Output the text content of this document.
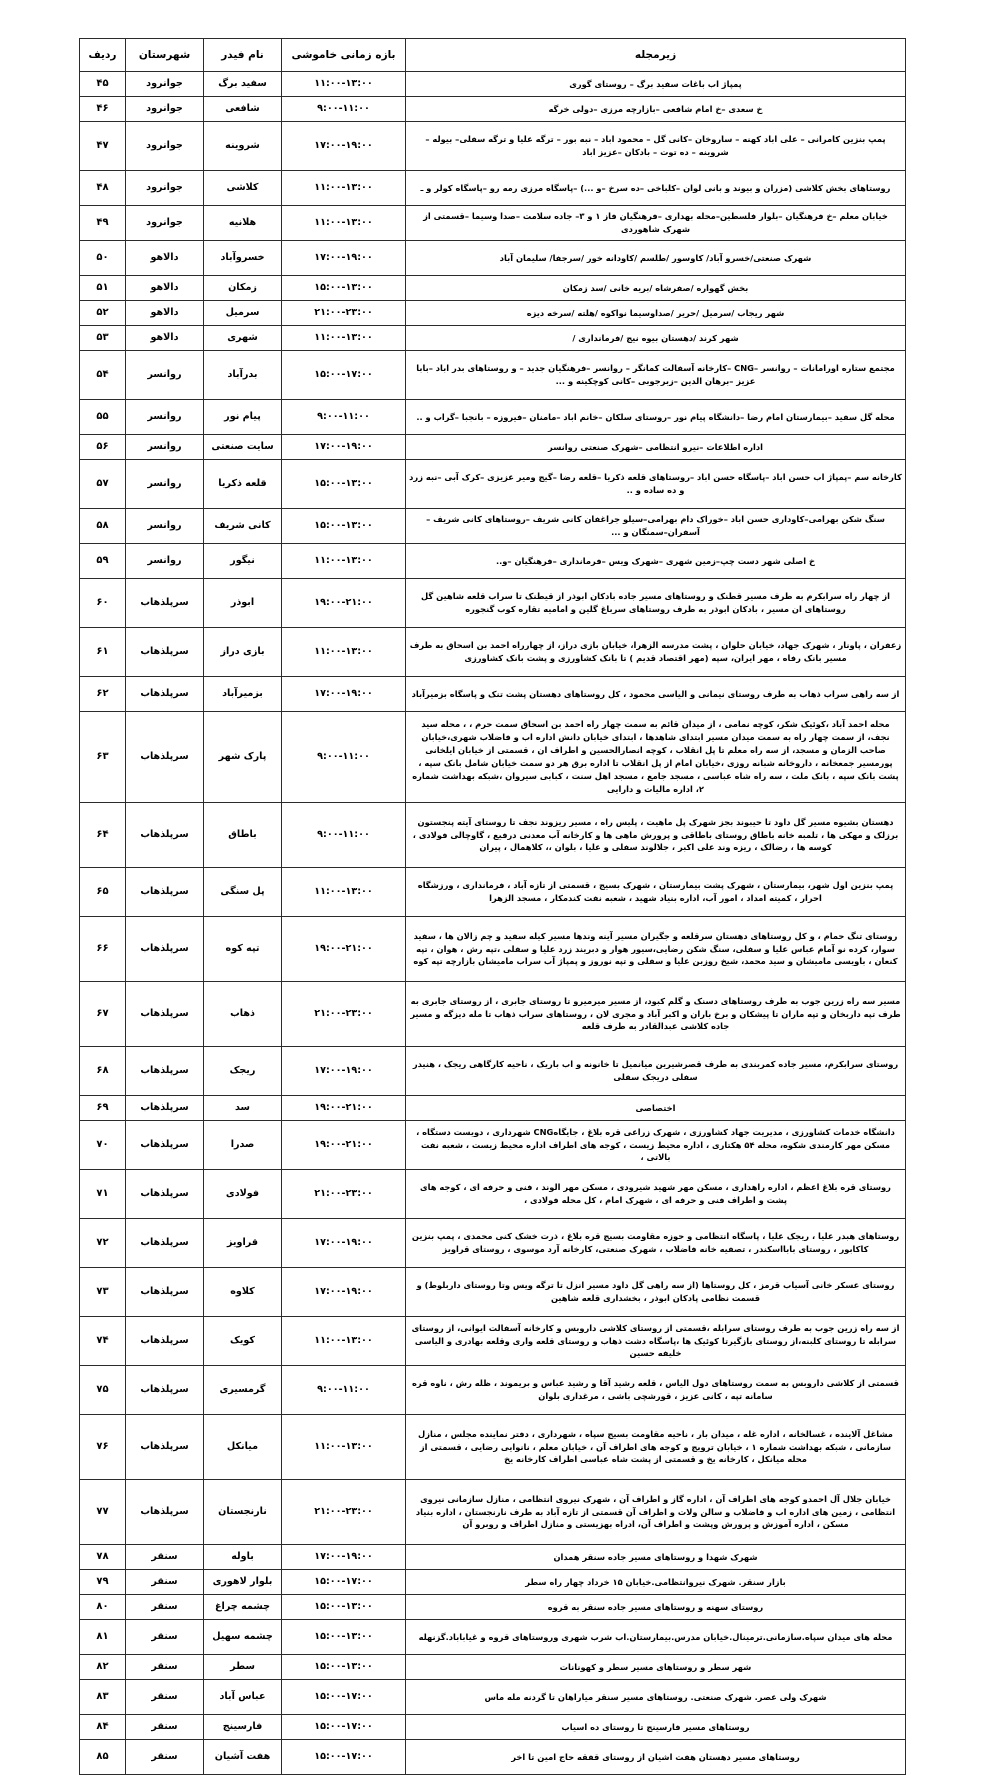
زیرمجله	بازه زمانی خاموشی	نام فیدر	شهرستان	ردیف
پمپاژ اب باغات سفید برگ – روستای گوری	۱۱:۰۰-۱۳:۰۰	سفید برگ	جوانرود	۴۵
خ سعدی –خ امام شافعی –بازارچه مرزی –دولی خرگه	۹:۰۰-۱۱:۰۰	شافعی	جوانرود	۴۶
پمپ بنزین کامرانی – علی اباد کهنه – ساروخان –کانی گل – محمود اباد – نبه بور – ترگه علیا و ترگه سفلی– بیوله – شروینه – ده توت – بادکان –عزیز اباد	۱۷:۰۰-۱۹:۰۰	شروینه	جوانرود	۴۷
روستاهای بخش کلاشی (مزران و بیوند و بانی لوان –کلباخی –ده سرخ –و ...) –پاسگاه مرزی رمه رو –پاسگاه کولر و ـ	۱۱:۰۰-۱۳:۰۰	کلاشی	جوانرود	۴۸
خیابان معلم –خ فرهنگیان –بلوار فلسطین–محله بهداری –فرهنگیان فاز ۱ و ۳– جاده سلامت –صدا وسیما –قسمتی از شهرک شاهوردی	۱۱:۰۰-۱۳:۰۰	هلانیه	جوانرود	۴۹
شهرک صنعتی/خسرو آباد/ کاوسور /طلسم /کاودانه خور /سرجفا/ سلیمان آباد	۱۷:۰۰-۱۹:۰۰	خسروآباد	دالاهو	۵۰
بخش گهواره /صفرشاه /بریه خانی /سد زمکان	۱۵:۰۰-۱۳:۰۰	زمکان	دالاهو	۵۱
شهر ریجاب /سرمیل /حریر /صداوسیما نواکوه /هلته /سرخه دیزه	۲۱:۰۰-۲۳:۰۰	سرمیل	دالاهو	۵۲
شهر کرند /دهستان بیوه نیج /فرمانداری /	۱۱:۰۰-۱۳:۰۰	شهری	دالاهو	۵۳
مجتمع ستاره اورامانات – روانسر –CNG –کارخانه آسفالت کمانگر – روانسر –فرهنگیان جدید – و روستاهای بدر اباد –بابا عزیز –برهان الدین –زبرجوبی –کانی کوچکینه و ...	۱۵:۰۰-۱۷:۰۰	بدرآباد	روانسر	۵۴
محله گل سفید –بیمارستان امام رضا –دانشگاه پیام نور –روستای سلکان –خانم اباد –مامنان –فیروزه – بانجبا –گراب و ..	۹:۰۰-۱۱:۰۰	پیام نور	روانسر	۵۵
اداره اطلاعات –نیرو انتظامی –شهرک صنعتی روانسر	۱۷:۰۰-۱۹:۰۰	سایت صنعتی	روانسر	۵۶
کارخانه سم –پمپاژ اب حسن اباد –پاسگاه حسن اباد –روستاهای قلعه ذکریا –قلعه رضا –گیج ومیر عزیزی –کرک آبی –نبه زرد و ده ساده و ..	۱۵:۰۰-۱۳:۰۰	قلعه ذکریا	روانسر	۵۷
سنگ شکن بهرامی–کاوداری حسن اباد –خوراک دام بهرامی–سیلو جراغفان کانی شریف –روستاهای کانی شریف – آسفران–سمنگان و ...	۱۵:۰۰-۱۳:۰۰	کانی شریف	روانسر	۵۸
خ اصلی شهر دست چپ–زمین شهری –شهرک ویس –فرمانداری –فرهنگیان –و..	۱۱:۰۰-۱۳:۰۰	نیگور	روانسر	۵۹
از چهار راه سرابکرم به طرف مسیر قطنک و روستاهای مسیر جاده بادکان ابوذر از قیطنک تا سراب قلعه شاهین گل روستاهای ان مسیر ، بادکان ابوذر به طرف روستاهای سرباغ گلین و امامیه تقاره کوب گنجوره	۱۹:۰۰-۲۱:۰۰	ابوذر	سرپلذهاب	۶۰
زعفران ، پاونار ، شهرک جهاد، خیابان حلوان ، پشت مدرسه الزهرا، خیابان بازی دراز، از چهارراه احمد بن اسحاق به طرف مسیر بانک رفاه ، مهر ایران، سپه (مهر اقتصاد قدیم ) تا بانک کشاورزی و پشت بانک کشاورزی	۱۱:۰۰-۱۳:۰۰	بازی دراز	سرپلذهاب	۶۱
از سه راهی سراب ذهاب به طرف روستای نیمانی و الیاسی محمود ، کل روستاهای دهستان پشت تنک و پاسگاه بزمیرآباد	۱۷:۰۰-۱۹:۰۰	بزمیرآباد	سرپلذهاب	۶۲
محله احمد آباد ،کوئیک شکر، کوچه نمامی ، از میدان قائم به سمت چهار راه احمد بن اسحاق سمت حرم ، ، محله سید نجف، از سمت چهار راه به سمت میدان مسیر ابتدای شاهدها ، ابتدای خیابان دانش اداره اب و فاضلاب شهری،خیابان صاحب الزمان و مسجد، از سه راه معلم تا پل انقلاب ، کوچه انصارالحسین و اطراف ان ، قسمتی از خیابان ایلخانی پورمسیر جمعخانه ، داروخانه شبانه روزی ،خیابان امام از پل انقلاب تا اداره برق هر دو سمت خیابان شامل بانک سپه ، پشت بانک سپه ، بانک ملت ، سه راه شاه عباسی ، مسجد جامع ، مسجد اهل سنت ، کبابی سیروان ،شبکه بهداشت شماره ۲، اداره مالیات و دارایی	۹:۰۰-۱۱:۰۰	پارک شهر	سرپلذهاب	۶۳
دهستان بشیوه مسیر گل داود تا حیبوند بجز شهرک پل ماهیت ، پلیس راه ، مسیر ریزوند نجف تا روستای آیته پنجستون برزلک و مهکی ها ، تلمبه خانه باطاق روستای باطاقی و پرورش ماهی ها و کارخانه آب معدنی درفیع ، گاوچالی فولادی ، کوسه ها ، رضالک ، ریزه وند علی اکبر ، جلالوند سفلی و علیا ، بلوان ،، کلاهمال ، پیران	۹:۰۰-۱۱:۰۰	باطاق	سرپلذهاب	۶۴
پمپ بنزین اول شهر، بیمارستان ، شهرک پشت بیمارستان ، شهرک بسیج ، قسمتی از تازه آباد ، فرمانداری ، ورزشگاه احرار ، کمیته امداد ، امور آب، اداره بنیاد شهید ، شعبه نفت کندمکار ، مسجد الزهرا	۱۱:۰۰-۱۳:۰۰	پل سنگی	سرپلذهاب	۶۵
روستای تنگ حمام ، و کل روستاهای دهستان سرقلعه و جگیران مسیر آینه وندها مسیر کیله سفید و چم زالان ها ، سفید سوار، کرده نو آمام عباس علیا و سفلی، سنگ شکن رضایی،سیور هوار و دبریند زرد علیا و سفلی ،تپه رش ، هوان ، تپه کنعان ، باویسی مامیشان و سید محمد، شیخ روزبن علیا و سفلی و تپه نوروز و پمپاژ آب سراب مامیشان بازارچه تپه کوه	۱۹:۰۰-۲۱:۰۰	تپه کوه	سرپلذهاب	۶۶
مسیر سه راه زرین جوب به طرف روستاهای دسنک و گلم کبود، از مسیر میرمیرو تا روستای جابری ، از روستای جابری به طرف تپه داربخان و تپه ماران تا پیشکان و برخ باران و اکبر آباد و مجری لان ، روستاهای سراب ذهاب تا مله دیزگه و مسیر جاده کلاشی عبدالقادر به طرف قلعه	۲۱:۰۰-۲۳:۰۰	ذهاب	سرپلذهاب	۶۷
روستای سرابکرم، مسیر جاده کمربندی به طرف قصرشیرین میانمیل تا خانونه و اب باریک ، ناحیه کارگاهی ریجک ، هنیدر سفلی دریجک سفلی	۱۷:۰۰-۱۹:۰۰	ریجک	سرپلذهاب	۶۸
اختصاصی	۱۹:۰۰-۲۱:۰۰	سد	سرپلذهاب	۶۹
دانشگاه خدمات کشاورزی ، مدیریت جهاد کشاورزی ، شهرک زراعی قره بلاغ ، جایگاهCNG شهرداری ، دویست دستگاه ، مسکن مهر کارمندی شکوه، محله ۵۴ هکتاری ، اداره محیط زیست ، کوجه های اطراف اداره محیط زیست ، شعبه نفت بالاتی ،	۱۹:۰۰-۲۱:۰۰	صدرا	سرپلذهاب	۷۰
روستای قره بلاغ اعظم ، اداره راهداری ، مسکن مهر شهید شیرودی ، مسکن مهر الوند ، فنی و حرفه ای ، کوجه های پشت و اطراف فنی و حرفه ای ، شهرک امام ، کل محله فولادی ،	۲۱:۰۰-۲۳:۰۰	فولادی	سرپلذهاب	۷۱
روستاهای هبدر علیا ، ریجک علیا ، پاسگاه انتظامی و حوزه مقاومت بسیج قره بلاغ ، ذرت خشک کنی محمدی ، پمپ بنزین کاکابور ، روستای بابااسکندر ، تصفیه خانه فاضلاب ، شهرک صنعتی، کارخانه آرد موسوی ، روستای قراویز	۱۷:۰۰-۱۹:۰۰	قراویز	سرپلذهاب	۷۲
روستای عسکر خانی آسیاب قرمز ، کل روستاها (از سه راهی گل داود مسیر انزل تا ترگه ویس وتا روستای داربلوط) و قسمت نظامی پادکان ابوذر ، بخشداری قلعه شاهین	۱۷:۰۰-۱۹:۰۰	کلاوه	سرپلذهاب	۷۳
از سه راه زرین جوب به طرف روستای سرابله ،قسمتی از روستای کلاشی داروبس و کارخانه آسفالت ایوانی، از روستای سرابله تا روستای کلبنه،از روستای بازگیرتا کوئیک ها ،پاسگاه دشت ذهاب و روستای قلعه واری وقلعه بهادری و الیاسی خلیفه حسین	۱۱:۰۰-۱۳:۰۰	کویک	سرپلذهاب	۷۴
قسمتی از کلاشی داروبس به سمت روستاهای دول الیاس ، قلعه رشید آقا و رشید عباس و بریموند ، ظله رش ، ناوه قره سامانه تپه ، کانی عزیز ، قورشچی باشی ، مرغداری بلوان	۹:۰۰-۱۱:۰۰	گرمسیری	سرپلذهاب	۷۵
مشاغل آلاینده ، غسالخانه ، اداره غله ، میدان بار ، ناحیه مقاومت بسیج سپاه ، شهرداری ، دفتر نماینده مجلس ، منازل سازمانی ، شبکه بهداشت شماره ۱ ، خیابان ترویج و کوجه های اطراف آن ، خیابان معلم ، نانوایی رضایی ، قسمتی از محله میانکل ، کارخانه یخ و قسمتی از پشت شاه عباسی اطراف کارخانه یخ	۱۱:۰۰-۱۳:۰۰	میانکل	سرپلذهاب	۷۶
خیابان جلال آل احمدو کوجه های اطراف آن ، اداره گاز و اطراف آن ، شهرک نیروی انتظامی ، منازل سازمانی نیروی انتظامی ، زمین های اداره اب و فاضلاب و سالن ولات و اطراف آن قسمتی از تازه آباد به طرف نارنجستان ، اداره بنیاد مسکن ، اداره آموزش و پرورش وپشت و اطراف آن، ادراه بهزیستی و منازل اطراف و روبرو آن	۲۱:۰۰-۲۳:۰۰	نارنجستان	سرپلذهاب	۷۷
شهرک شهدا و روستاهای مسیر جاده سنقر همدان	۱۷:۰۰-۱۹:۰۰	باوله	سنقر	۷۸
بازار سنقر. شهرک نیروانتظامی.خیابان ۱۵ خرداد چهار راه سطر	۱۵:۰۰-۱۷:۰۰	بلوار لاهوری	سنقر	۷۹
روستای سهنه و روستاهای مسیر جاده سنقر به قروه	۱۵:۰۰-۱۳:۰۰	چشمه چراغ	سنقر	۸۰
محله های میدان سپاه.سازمانی.ترمینال.خیابان مدرس.بیمارستان.اب شرب شهری وروستاهای قروه و غیاباباد.گزنهله	۱۵:۰۰-۱۳:۰۰	چشمه سهیل	سنقر	۸۱
شهر سطر و روستاهای مسیر سطر و کهونانات	۱۵:۰۰-۱۳:۰۰	سطر	سنقر	۸۲
شهرک ولی عصر. شهرک صنعتی. روستاهای مسیر سنقر میاراهان تا گردنه مله ماس	۱۵:۰۰-۱۷:۰۰	عباس آباد	سنقر	۸۳
روستاهای مسیر فارسینج تا روستای ده اسیاب	۱۵:۰۰-۱۷:۰۰	فارسینج	سنقر	۸۴
روستاهای مسیر دهستان هفت اشیان از روستای قفقه حاج امین تا اخر	۱۵:۰۰-۱۷:۰۰	هفت آشیان	سنقر	۸۵
